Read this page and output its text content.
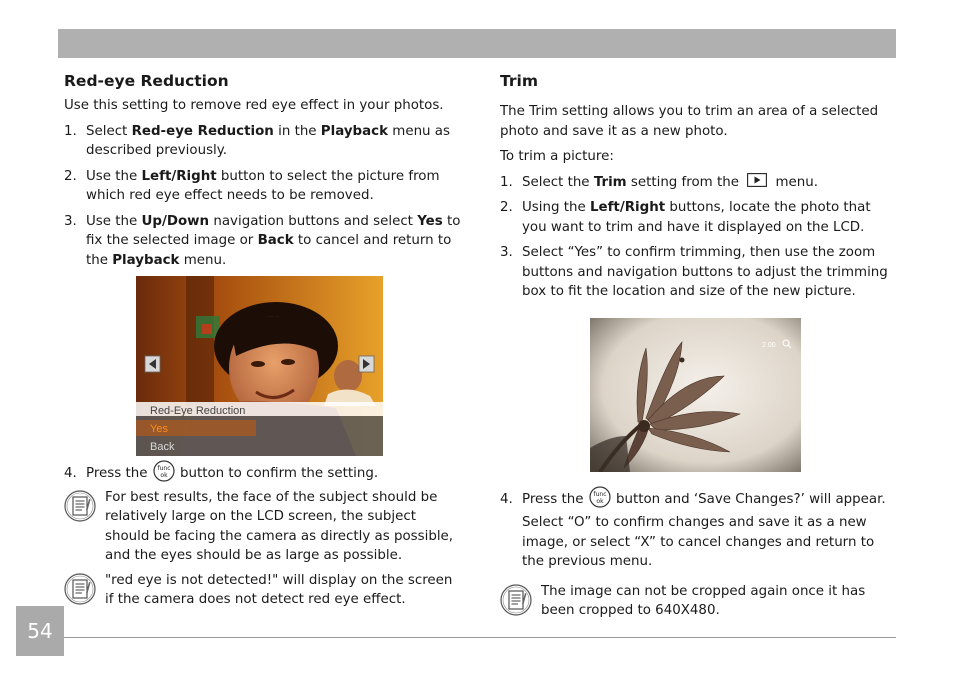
Red-eye Reduction

Use this setting to remove red eye effect in your photos.

1. Select Red-eye Reduction in the Playback menu as described previously.
2. Use the Left/Right button to select the picture from which red eye effect needs to be removed.
3. Use the Up/Down navigation buttons and select Yes to fix the selected image or Back to cancel and return to the Playback menu.
Red-Eye Reduction
Yes
Back
4. Press the func
ok button to confirm the setting.
For best results, the face of the subject should be relatively large on the LCD screen, the subject should be facing the camera as directly as possible, and the eyes should be as large as possible.
"red eye is not detected!" will display on the screen if the camera does not detect red eye effect.
Trim

The Trim setting allows you to trim an area of a selected photo and save it as a new photo.

To trim a picture:

1. Select the Trim setting from the  menu.
2. Using the Left/Right buttons, locate the photo that you want to trim and have it displayed on the LCD.
3. Select “Yes” to confirm trimming, then use the zoom buttons and navigation buttons to adjust the trimming box to fit the location and size of the new picture.
2.00
4. Press the func
ok button and ‘Save Changes?’ will appear.
Select “O” to confirm changes and save it as a new image, or select “X” to cancel changes and return to the previous menu.
The image can not be cropped again once it has been cropped to 640X480.
54
